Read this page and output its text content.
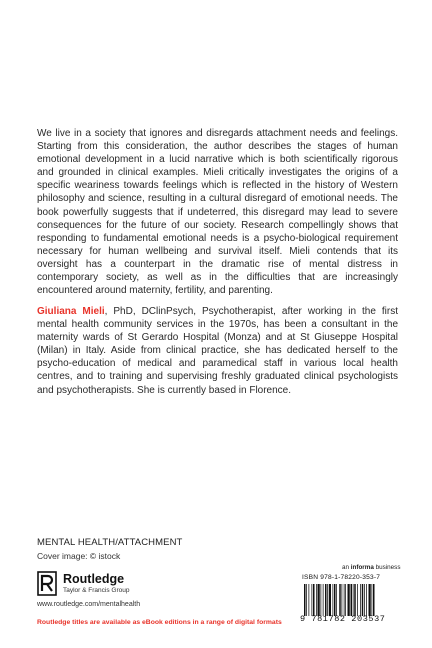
We live in a society that ignores and disregards attachment needs and feelings. Starting from this consideration, the author describes the stages of human emotional development in a lucid narrative which is both scientifically rigorous and grounded in clinical examples. Mieli critically investigates the origins of a specific weariness towards feelings which is reflected in the history of Western philosophy and science, resulting in a cultural disregard of emotional needs. The book powerfully suggests that if undeterred, this disregard may lead to severe consequences for the future of our society. Research compellingly shows that responding to fundamental emotional needs is a psycho-biological requirement necessary for human wellbeing and survival itself. Mieli contends that its oversight has a counterpart in the dramatic rise of mental distress in contemporary society, as well as in the difficulties that are increasingly encountered around maternity, fertility, and parenting.

Giuliana Mieli, PhD, DClinPsych, Psychotherapist, after working in the first mental health community services in the 1970s, has been a consultant in the maternity wards of St Gerardo Hospital (Monza) and at St Giuseppe Hospital (Milan) in Italy. Aside from clinical practice, she has dedicated herself to the psycho-education of medical and paramedical staff in various local health centres, and to training and supervising freshly graduated clinical psychologists and psychotherapists. She is currently based in Florence.

MENTAL HEALTH/ATTACHMENT
Cover image: © istock
Routledge
Taylor & Francis Group
www.routledge.com/mentalhealth
Routledge titles are available as eBook editions in a range of digital formats
an informa business
ISBN 978-1-78220-353-7
9 781782 203537
